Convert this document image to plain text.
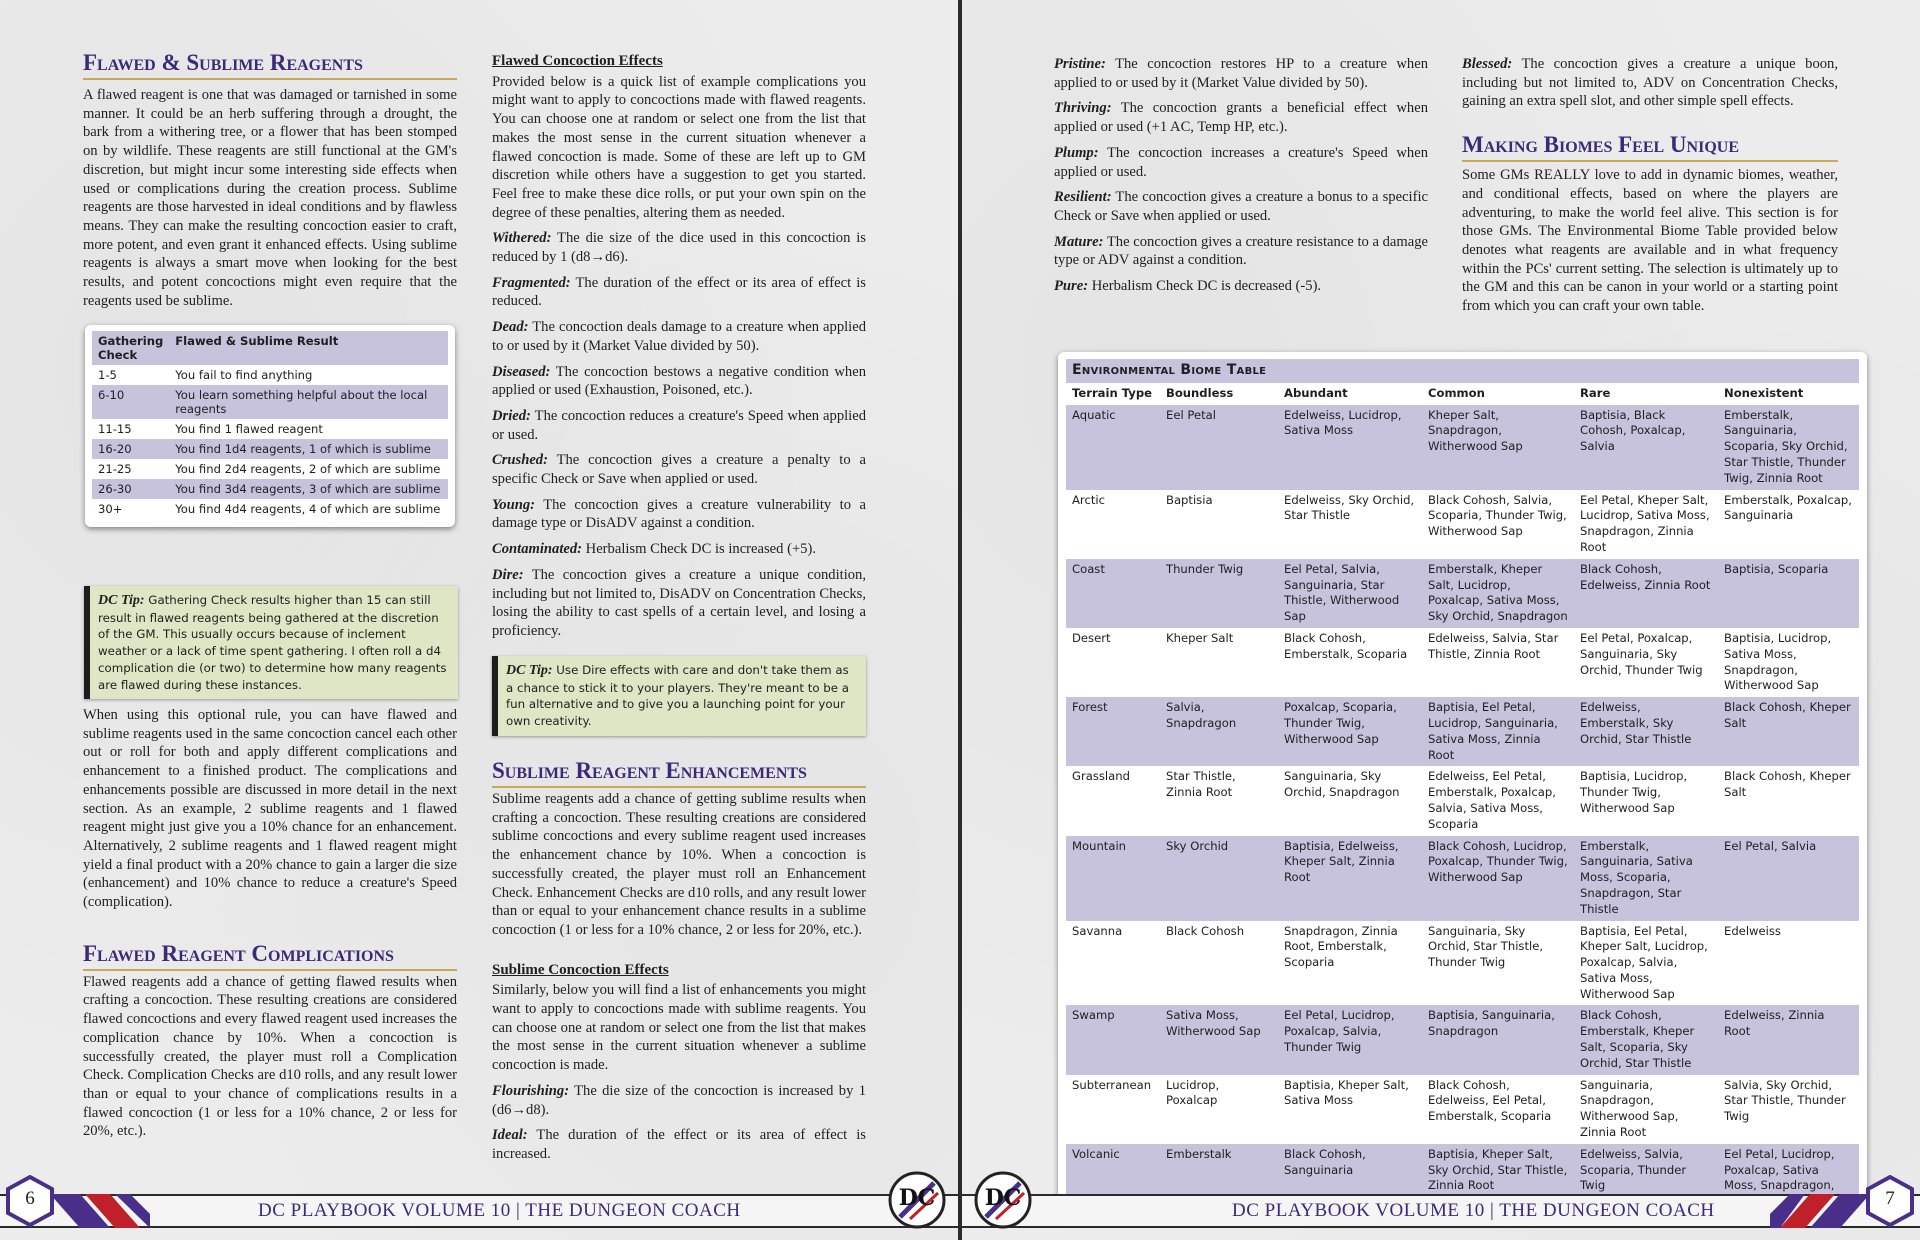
Flawed & Sublime Reagents

A flawed reagent is one that was damaged or tarnished in some manner. It could be an herb suffering through a drought, the bark from a withering tree, or a flower that has been stomped on by wildlife. These reagents are still functional at the GM's discretion, but might incur some interesting side effects when used or complications during the creation process. Sublime reagents are those harvested in ideal conditions and by flawless means. They can make the resulting concoction easier to craft, more potent, and even grant it enhanced effects. Using sublime reagents is always a smart move when looking for the best results, and potent concoctions might even require that the reagents used be sublime.

Gathering Check	Flawed & Sublime Result
1-5	You fail to find anything
6-10	You learn something helpful about the local reagents
11-15	You find 1 flawed reagent
16-20	You find 1d4 reagents, 1 of which is sublime
21-25	You find 2d4 reagents, 2 of which are sublime
26-30	You find 3d4 reagents, 3 of which are sublime
30+	You find 4d4 reagents, 4 of which are sublime
DC Tip: Gathering Check results higher than 15 can still result in flawed reagents being gathered at the discretion of the GM. This usually occurs because of inclement weather or a lack of time spent gathering. I often roll a d4 complication die (or two) to determine how many reagents are flawed during these instances.

When using this optional rule, you can have flawed and sublime reagents used in the same concoction cancel each other out or roll for both and apply different complications and enhancement to a finished product. The complications and enhancements possible are discussed in more detail in the next section. As an example, 2 sublime reagents and 1 flawed reagent might just give you a 10% chance for an enhancement. Alternatively, 2 sublime reagents and 1 flawed reagent might yield a final product with a 20% chance to gain a larger die size (enhancement) and 10% chance to reduce a creature's Speed (complication).

Flawed Reagent Complications

Flawed reagents add a chance of getting flawed results when crafting a concoction. These resulting creations are considered flawed concoctions and every flawed reagent used increases the complication chance by 10%. When a concoction is successfully created, the player must roll a Complication Check. Complication Checks are d10 rolls, and any result lower than or equal to your chance of complications results in a flawed concoction (1 or less for a 10% chance, 2 or less for 20%, etc.).

Flawed Concoction Effects

Provided below is a quick list of example complications you might want to apply to concoctions made with flawed reagents. You can choose one at random or select one from the list that makes the most sense in the current situation whenever a flawed concoction is made. Some of these are left up to GM discretion while others have a suggestion to get you started. Feel free to make these dice rolls, or put your own spin on the degree of these penalties, altering them as needed.

Withered: The die size of the dice used in this concoction is reduced by 1 (d8→d6).

Fragmented: The duration of the effect or its area of effect is reduced.

Dead: The concoction deals damage to a creature when applied to or used by it (Market Value divided by 50).

Diseased: The concoction bestows a negative condition when applied or used (Exhaustion, Poisoned, etc.).

Dried: The concoction reduces a creature's Speed when applied or used.

Crushed: The concoction gives a creature a penalty to a specific Check or Save when applied or used.

Young: The concoction gives a creature vulnerability to a damage type or DisADV against a condition.

Contaminated: Herbalism Check DC is increased (+5).

Dire: The concoction gives a creature a unique condition, including but not limited to, DisADV on Concentration Checks, losing the ability to cast spells of a certain level, and losing a proficiency.

DC Tip: Use Dire effects with care and don't take them as a chance to stick it to your players. They're meant to be a fun alternative and to give you a launching point for your own creativity.
Sublime Reagent Enhancements

Sublime reagents add a chance of getting sublime results when crafting a concoction. These resulting creations are considered sublime concoctions and every sublime reagent used increases the enhancement chance by 10%. When a concoction is successfully created, the player must roll an Enhancement Check. Enhancement Checks are d10 rolls, and any result lower than or equal to your enhancement chance results in a sublime concoction (1 or less for a 10% chance, 2 or less for 20%, etc.).

Sublime Concoction Effects

Similarly, below you will find a list of enhancements you might want to apply to concoctions made with sublime reagents. You can choose one at random or select one from the list that makes the most sense in the current situation whenever a sublime concoction is made.

Flourishing: The die size of the concoction is increased by 1 (d6→d8).

Ideal: The duration of the effect or its area of effect is increased.

DC PLAYBOOK VOLUME 10 | THE DUNGEON COACH
6	DC

Pristine: The concoction restores HP to a creature when applied to or used by it (Market Value divided by 50).

Thriving: The concoction grants a beneficial effect when applied or used (+1 AC, Temp HP, etc.).

Plump: The concoction increases a creature's Speed when applied or used.

Resilient: The concoction gives a creature a bonus to a specific Check or Save when applied or used.

Mature: The concoction gives a creature resistance to a damage type or ADV against a condition.

Pure: Herbalism Check DC is decreased (-5).

Blessed: The concoction gives a creature a unique boon, including but not limited to, ADV on Concentration Checks, gaining an extra spell slot, and other simple spell effects.

Making Biomes Feel Unique

Some GMs REALLY love to add in dynamic biomes, weather, and conditional effects, based on where the players are adventuring, to make the world feel alive. This section is for those GMs. The Environmental Biome Table provided below denotes what reagents are available and in what frequency within the PCs' current setting. The selection is ultimately up to the GM and this can be canon in your world or a starting point from which you can craft your own table.

Environmental Biome Table					
Terrain Type	Boundless	Abundant	Common	Rare	Nonexistent
Aquatic	Eel Petal	Edelweiss, Lucidrop, Sativa Moss	Kheper Salt, Snapdragon, Witherwood Sap	Baptisia, Black Cohosh, Poxalcap, Salvia	Emberstalk, Sanguinaria, Scoparia, Sky Orchid, Star Thistle, Thunder Twig, Zinnia Root
Arctic	Baptisia	Edelweiss, Sky Orchid, Star Thistle	Black Cohosh, Salvia, Scoparia, Thunder Twig, Witherwood Sap	Eel Petal, Kheper Salt, Lucidrop, Sativa Moss, Snapdragon, Zinnia Root	Emberstalk, Poxalcap, Sanguinaria
Coast	Thunder Twig	Eel Petal, Salvia, Sanguinaria, Star Thistle, Witherwood Sap	Emberstalk, Kheper Salt, Lucidrop, Poxalcap, Sativa Moss, Sky Orchid, Snapdragon	Black Cohosh, Edelweiss, Zinnia Root	Baptisia, Scoparia
Desert	Kheper Salt	Black Cohosh, Emberstalk, Scoparia	Edelweiss, Salvia, Star Thistle, Zinnia Root	Eel Petal, Poxalcap, Sanguinaria, Sky Orchid, Thunder Twig	Baptisia, Lucidrop, Sativa Moss, Snapdragon, Witherwood Sap
Forest	Salvia, Snapdragon	Poxalcap, Scoparia, Thunder Twig, Witherwood Sap	Baptisia, Eel Petal, Lucidrop, Sanguinaria, Sativa Moss, Zinnia Root	Edelweiss, Emberstalk, Sky Orchid, Star Thistle	Black Cohosh, Kheper Salt
Grassland	Star Thistle, Zinnia Root	Sanguinaria, Sky Orchid, Snapdragon	Edelweiss, Eel Petal, Emberstalk, Poxalcap, Salvia, Sativa Moss, Scoparia	Baptisia, Lucidrop, Thunder Twig, Witherwood Sap	Black Cohosh, Kheper Salt
Mountain	Sky Orchid	Baptisia, Edelweiss, Kheper Salt, Zinnia Root	Black Cohosh, Lucidrop, Poxalcap, Thunder Twig, Witherwood Sap	Emberstalk, Sanguinaria, Sativa Moss, Scoparia, Snapdragon, Star Thistle	Eel Petal, Salvia
Savanna	Black Cohosh	Snapdragon, Zinnia Root, Emberstalk, Scoparia	Sanguinaria, Sky Orchid, Star Thistle, Thunder Twig	Baptisia, Eel Petal, Kheper Salt, Lucidrop, Poxalcap, Salvia, Sativa Moss, Witherwood Sap	Edelweiss
Swamp	Sativa Moss, Witherwood Sap	Eel Petal, Lucidrop, Poxalcap, Salvia, Thunder Twig	Baptisia, Sanguinaria, Snapdragon	Black Cohosh, Emberstalk, Kheper Salt, Scoparia, Sky Orchid, Star Thistle	Edelweiss, Zinnia Root
Subterranean	Lucidrop, Poxalcap	Baptisia, Kheper Salt, Sativa Moss	Black Cohosh, Edelweiss, Eel Petal, Emberstalk, Scoparia	Sanguinaria, Snapdragon, Witherwood Sap, Zinnia Root	Salvia, Sky Orchid, Star Thistle, Thunder Twig
Volcanic	Emberstalk	Black Cohosh, Sanguinaria	Baptisia, Kheper Salt, Sky Orchid, Star Thistle, Zinnia Root	Edelweiss, Salvia, Scoparia, Thunder Twig	Eel Petal, Lucidrop, Poxalcap, Sativa Moss, Snapdragon,
DC PLAYBOOK VOLUME 10 | THE DUNGEON COACH
DC	7
